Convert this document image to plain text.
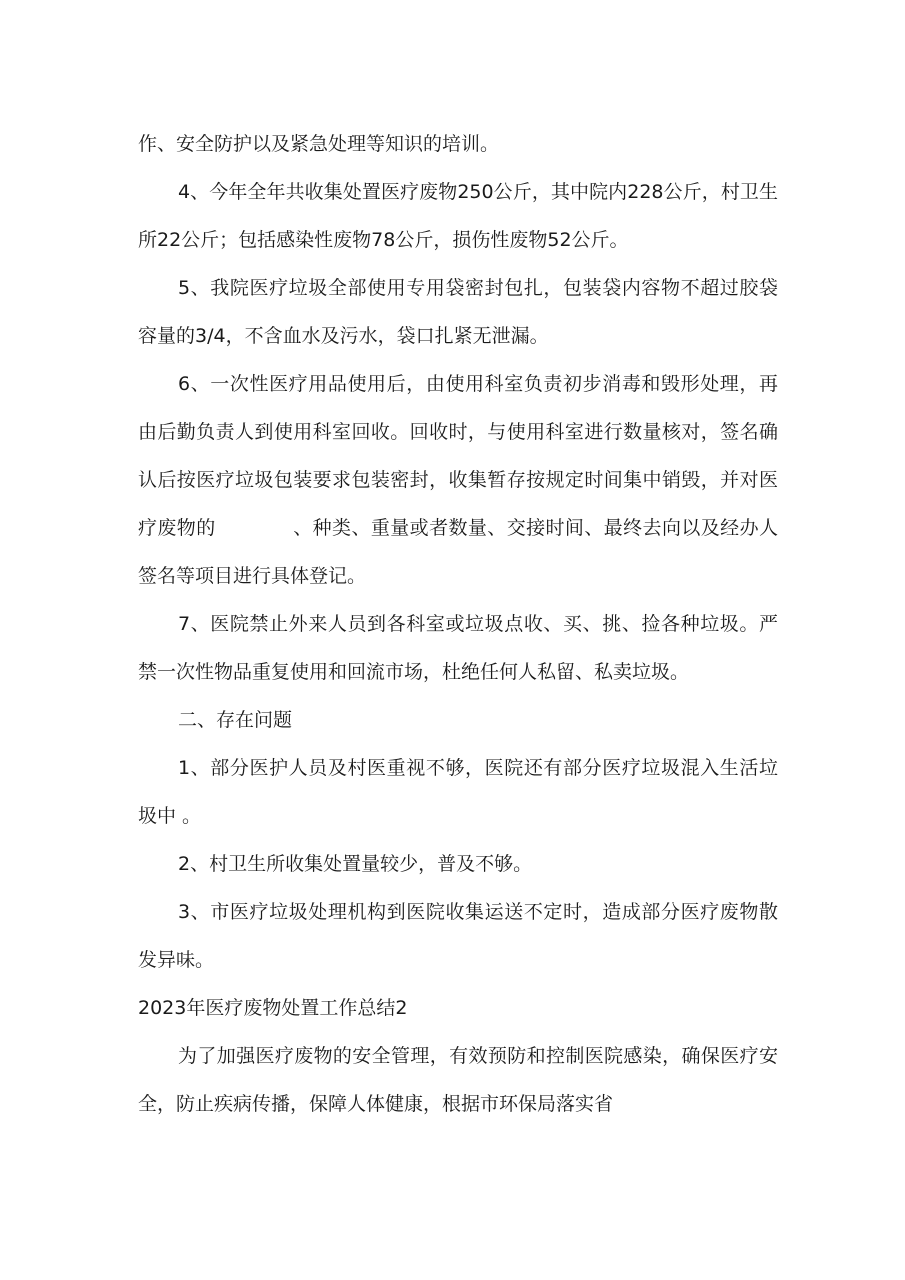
作、安全防护以及紧急处理等知识的培训。

4、今年全年共收集处置医疗废物250公斤，其中院内228公斤，村卫生所22公斤；包括感染性废物78公斤，损伤性废物52公斤。

5、我院医疗垃圾全部使用专用袋密封包扎，包装袋内容物不超过胶袋容量的3/4，不含血水及污水，袋口扎紧无泄漏。

6、一次性医疗用品使用后，由使用科室负责初步消毒和毁形处理，再由后勤负责人到使用科室回收。回收时，与使用科室进行数量核对，签名确认后按医疗垃圾包装要求包装密封，收集暂存按规定时间集中销毁，并对医疗废物的　　　　、种类、重量或者数量、交接时间、最终去向以及经办人签名等项目进行具体登记。

7、医院禁止外来人员到各科室或垃圾点收、买、挑、捡各种垃圾。严禁一次性物品重复使用和回流市场，杜绝任何人私留、私卖垃圾。

二、存在问题

1、部分医护人员及村医重视不够，医院还有部分医疗垃圾混入生活垃圾中 。

2、村卫生所收集处置量较少，普及不够。

3、市医疗垃圾处理机构到医院收集运送不定时，造成部分医疗废物散发异味。

2023年医疗废物处置工作总结2

为了加强医疗废物的安全管理，有效预防和控制医院感染，确保医疗安全，防止疾病传播，保障人体健康，根据市环保局落实省
